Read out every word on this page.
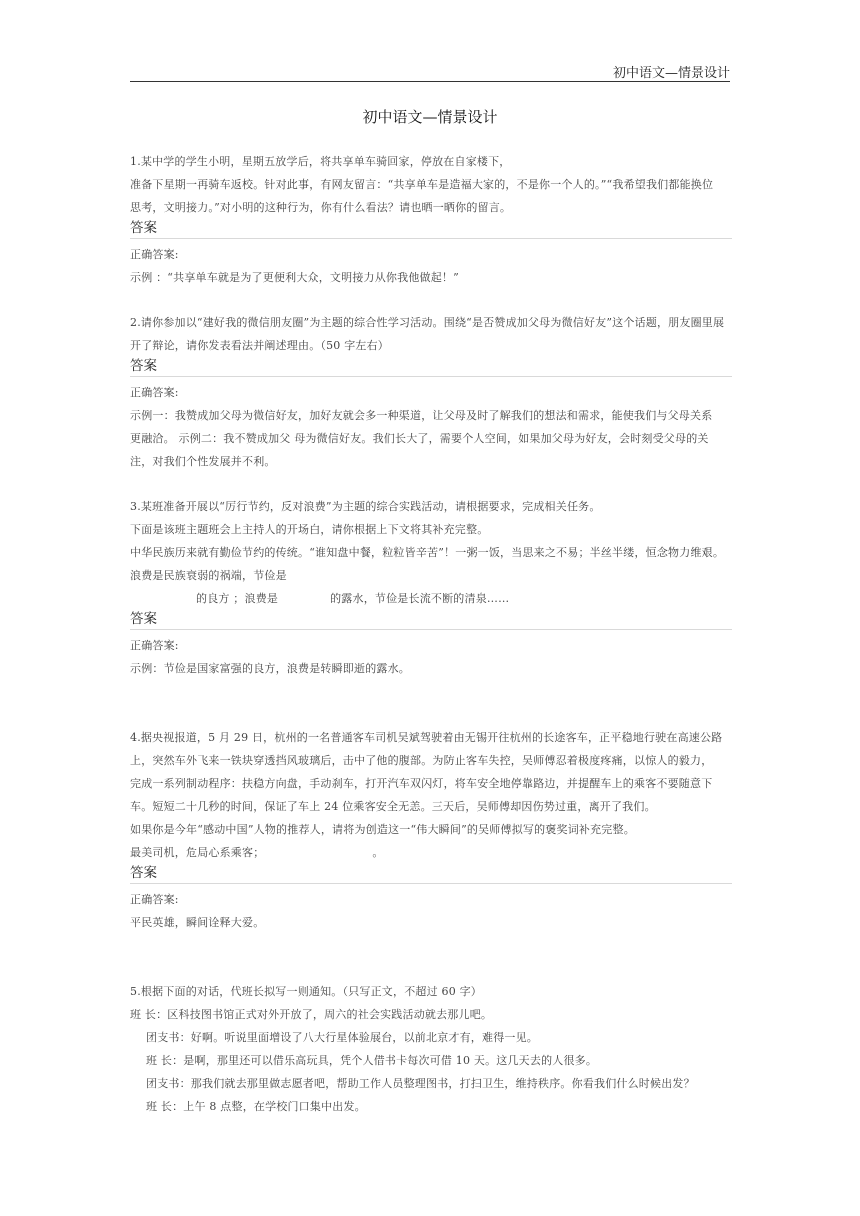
初中语文—情景设计
初中语文—情景设计
1.某中学的学生小明，星期五放学后，将共享单车骑回家，停放在自家楼下，
准备下星期一再骑车返校。针对此事，有网友留言：“共享单车是造福大家的，不是你一个人的。”“我希望我们都能换位
思考，文明接力。”对小明的这种行为，你有什么看法？请也晒一晒你的留言。
答案
正确答案:
示例 ：“共享单车就是为了更便利大众，文明接力从你我他做起！”
2.请你参加以“建好我的微信朋友圈”为主题的综合性学习活动。围绕“是否赞成加父母为微信好友”这个话题，朋友圈里展
开了辩论，请你发表看法并阐述理由。（50 字左右）
答案
正确答案:
示例一：我赞成加父母为微信好友，加好友就会多一种渠道，让父母及时了解我们的想法和需求，能使我们与父母关系
更融洽。 示例二：我不赞成加父 母为微信好友。我们长大了，需要个人空间，如果加父母为好友，会时刻受父母的关
注，对我们个性发展并不利。
3.某班准备开展以“厉行节约，反对浪费”为主题的综合实践活动，请根据要求，完成相关任务。
下面是该班主题班会上主持人的开场白，请你根据上下文将其补充完整。
中华民族历来就有勤俭节约的传统。“谁知盘中餐，粒粒皆辛苦”！一粥一饭，当思来之不易；半丝半缕，恒念物力维艰。
浪费是民族衰弱的祸端，节俭是
的良方 ；浪费是	的露水，节俭是长流不断的清泉……
答案
正确答案:
示例：节俭是国家富强的良方，浪费是转瞬即逝的露水。
4.据央视报道，5 月 29 日，杭州的一名普通客车司机吴斌驾驶着由无锡开往杭州的长途客车，正平稳地行驶在高速公路
上，突然车外飞来一铁块穿透挡风玻璃后，击中了他的腹部。为防止客车失控，吴师傅忍着极度疼痛，以惊人的毅力，
完成一系列制动程序：扶稳方向盘，手动刹车，打开汽车双闪灯，将车安全地停靠路边，并提醒车上的乘客不要随意下
车。短短二十几秒的时间，保证了车上 24 位乘客安全无恙。三天后，吴师傅却因伤势过重，离开了我们。
如果你是今年“感动中国”人物的推荐人，请将为创造这一“伟大瞬间”的吴师傅拟写的褒奖词补充完整。
最美司机，危局心系乘客；	。
答案
正确答案:
平民英雄，瞬间诠释大爱。
5.根据下面的对话，代班长拟写一则通知。（只写正文，不超过 60 字）
班 长：区科技图书馆正式对外开放了，周六的社会实践活动就去那儿吧。
团支书：好啊。听说里面增设了八大行星体验展台，以前北京才有，难得一见。
班 长：是啊，那里还可以借乐高玩具，凭个人借书卡每次可借 10 天。这几天去的人很多。
团支书：那我们就去那里做志愿者吧，帮助工作人员整理图书，打扫卫生，维持秩序。你看我们什么时候出发？
班 长：上午 8 点整，在学校门口集中出发。
